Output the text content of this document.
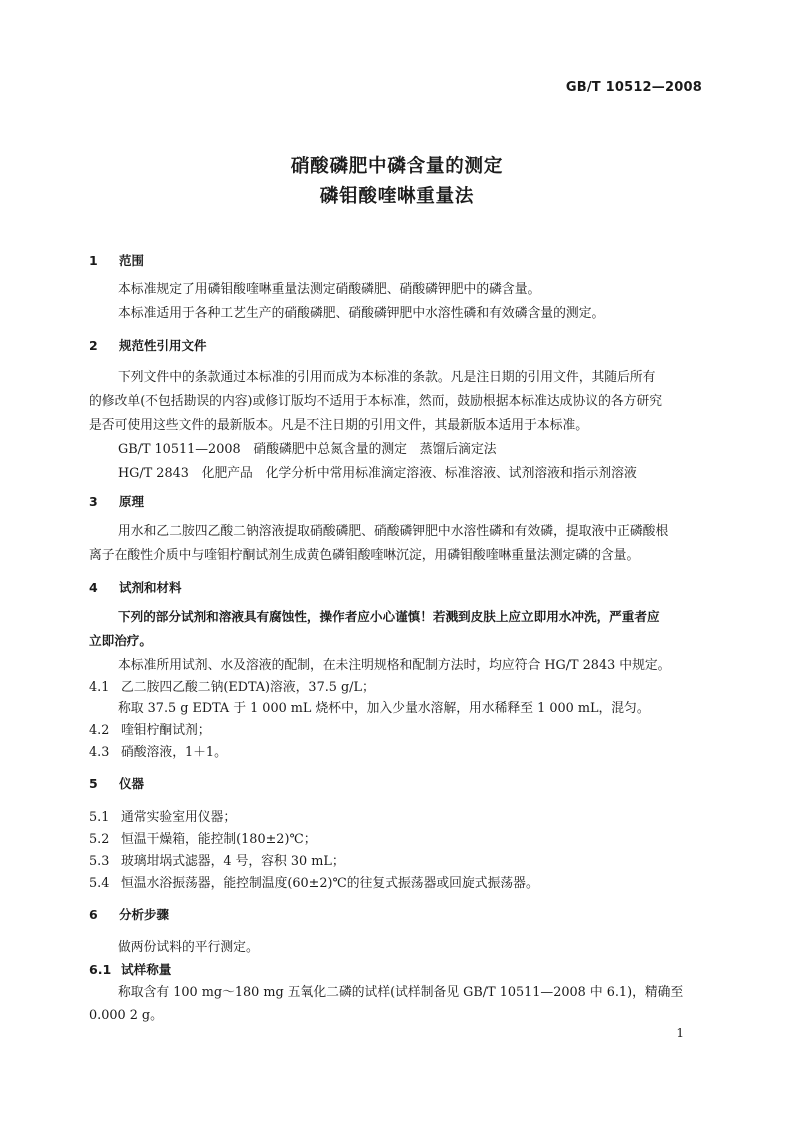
GB/T 10512—2008
硝酸磷肥中磷含量的测定
磷钼酸喹啉重量法
1 范围
本标准规定了用磷钼酸喹啉重量法测定硝酸磷肥、硝酸磷钾肥中的磷含量。
本标准适用于各种工艺生产的硝酸磷肥、硝酸磷钾肥中水溶性磷和有效磷含量的测定。
2 规范性引用文件
下列文件中的条款通过本标准的引用而成为本标准的条款。凡是注日期的引用文件，其随后所有
的修改单(不包括勘误的内容)或修订版均不适用于本标准，然而，鼓励根据本标准达成协议的各方研究
是否可使用这些文件的最新版本。凡是不注日期的引用文件，其最新版本适用于本标准。
GB/T 10511—2008　硝酸磷肥中总氮含量的测定　蒸馏后滴定法
HG/T 2843　化肥产品　化学分析中常用标准滴定溶液、标准溶液、试剂溶液和指示剂溶液
3 原理
用水和乙二胺四乙酸二钠溶液提取硝酸磷肥、硝酸磷钾肥中水溶性磷和有效磷，提取液中正磷酸根
离子在酸性介质中与喹钼柠酮试剂生成黄色磷钼酸喹啉沉淀，用磷钼酸喹啉重量法测定磷的含量。
4 试剂和材料
下列的部分试剂和溶液具有腐蚀性，操作者应小心谨慎！若溅到皮肤上应立即用水冲洗，严重者应
立即治疗。
本标准所用试剂、水及溶液的配制，在未注明规格和配制方法时，均应符合 HG/T 2843 中规定。
4.1 乙二胺四乙酸二钠(EDTA)溶液，37.5 g/L；
称取 37.5 g EDTA 于 1 000 mL 烧杯中，加入少量水溶解，用水稀释至 1 000 mL，混匀。
4.2 喹钼柠酮试剂；
4.3 硝酸溶液，1＋1。
5 仪器
5.1 通常实验室用仪器；
5.2 恒温干燥箱，能控制(180±2)℃；
5.3 玻璃坩埚式滤器，4 号，容积 30 mL；
5.4 恒温水浴振荡器，能控制温度(60±2)℃的往复式振荡器或回旋式振荡器。
6 分析步骤
做两份试料的平行测定。
6.1 试样称量
称取含有 100 mg～180 mg 五氧化二磷的试样(试样制备见 GB/T 10511—2008 中 6.1)，精确至
0.000 2 g。
1
